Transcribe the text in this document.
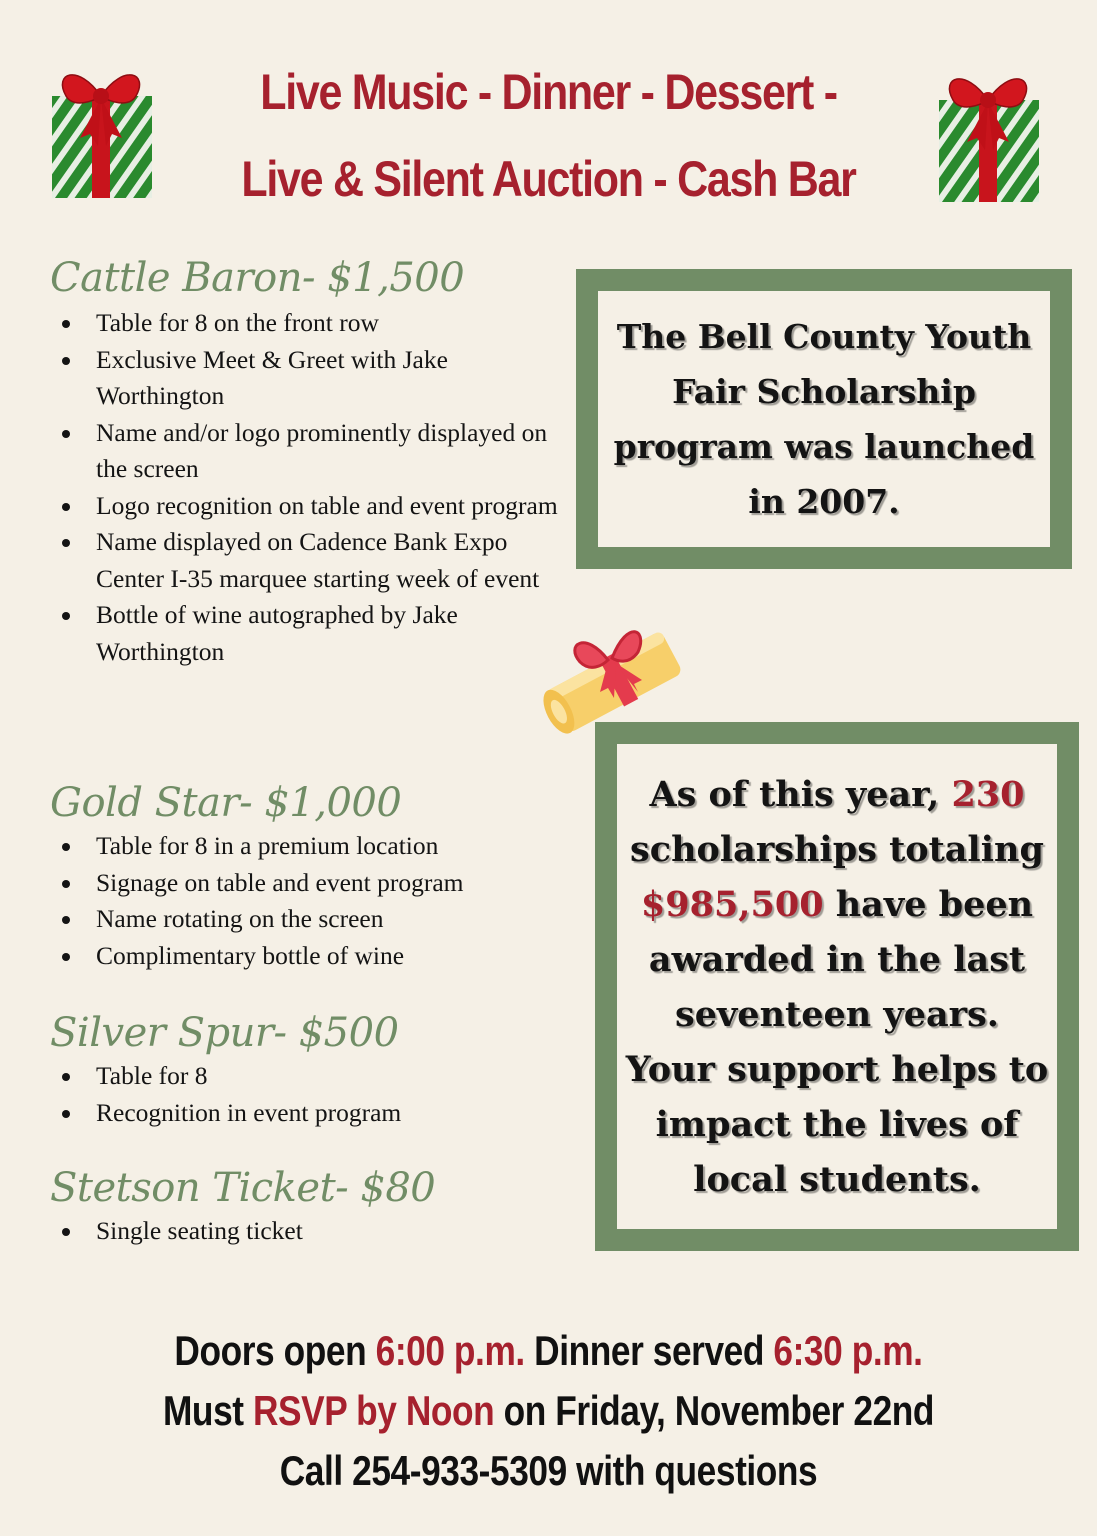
Live Music - Dinner - Dessert -
Live & Silent Auction - Cash Bar
Cattle Baron- $1,500
Table for 8 on the front row
Exclusive Meet & Greet with Jake Worthington
Name and/or logo prominently displayed on the screen
Logo recognition on table and event program
Name displayed on Cadence Bank Expo Center I-35 marquee starting week of event
Bottle of wine autographed by Jake Worthington
Gold Star- $1,000
Table for 8 in a premium location
Signage on table and event program
Name rotating on the screen
Complimentary bottle of wine
Silver Spur- $500
Table for 8
Recognition in event program
Stetson Ticket- $80
Single seating ticket
The Bell County Youth Fair Scholarship program was launched in 2007.
As of this year, 230 scholarships totaling $985,500 have been awarded in the last seventeen years. Your support helps to impact the lives of local students.
Doors open 6:00 p.m. Dinner served 6:30 p.m.
Must RSVP by Noon on Friday, November 22nd
Call 254-933-5309 with questions
